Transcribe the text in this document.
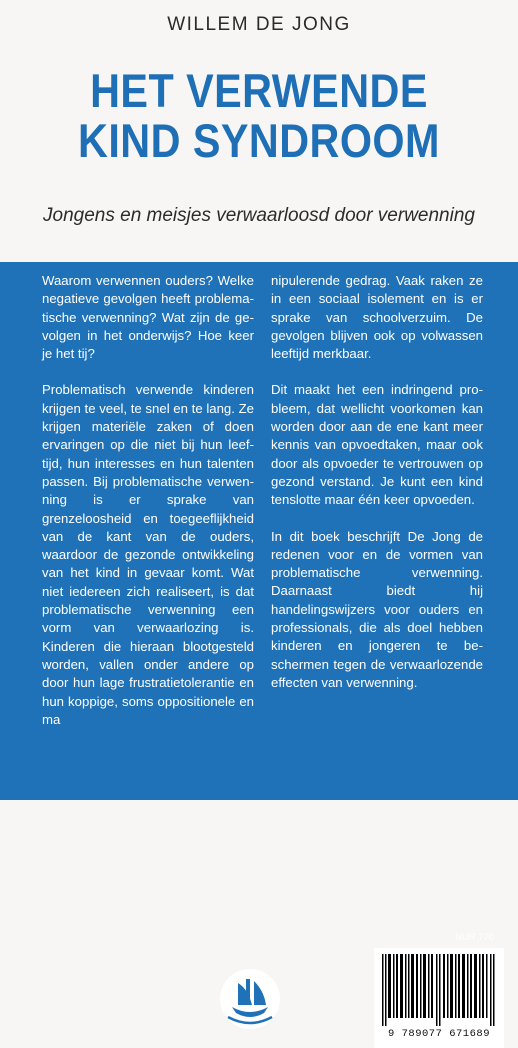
WILLEM DE JONG
HET VERWENDE
KIND SYNDROOM
Jongens en meisjes verwaarloosd door verwenning

Waarom verwennen ouders? Welke negatieve gevolgen heeft problematische verwenning? Wat zijn de gevolgen in het onderwijs? Hoe keer je het tij?

Problematisch verwende kinderen krijgen te veel, te snel en te lang. Ze krijgen materiële zaken of doen ervaringen op die niet bij hun leeftijd, hun interesses en hun talenten passen. Bij problematische verwenning is er sprake van grenzeloosheid en toegeeflijkheid van de kant van de ouders, waardoor de gezonde ontwikkeling van het kind in gevaar komt. Wat niet iedereen zich realiseert, is dat problematische verwenning een vorm van verwaarlozing is. Kinderen die hieraan blootgesteld worden, vallen onder andere op door hun lage frustratietolerantie en hun koppige, soms oppositionele en ma

nipulerende gedrag. Vaak raken ze in een sociaal isolement en is er sprake van schoolverzuim. De gevolgen blijven ook op volwassen leeftijd merkbaar.

Dit maakt het een indringend probleem, dat wellicht voorkomen kan worden door aan de ene kant meer kennis van opvoedtaken, maar ook door als opvoeder te vertrouwen op gezond verstand. Je kunt een kind tenslotte maar één keer opvoeden.

In dit boek beschrijft De Jong de redenen voor en de vormen van problematische verwenning. Daarnaast biedt hij handelingswijzers voor ouders en professionals, die als doel hebben kinderen en jongeren te beschermen tegen de verwaarlozende effecten van verwenning.

NUR 770
9 789077 671689
